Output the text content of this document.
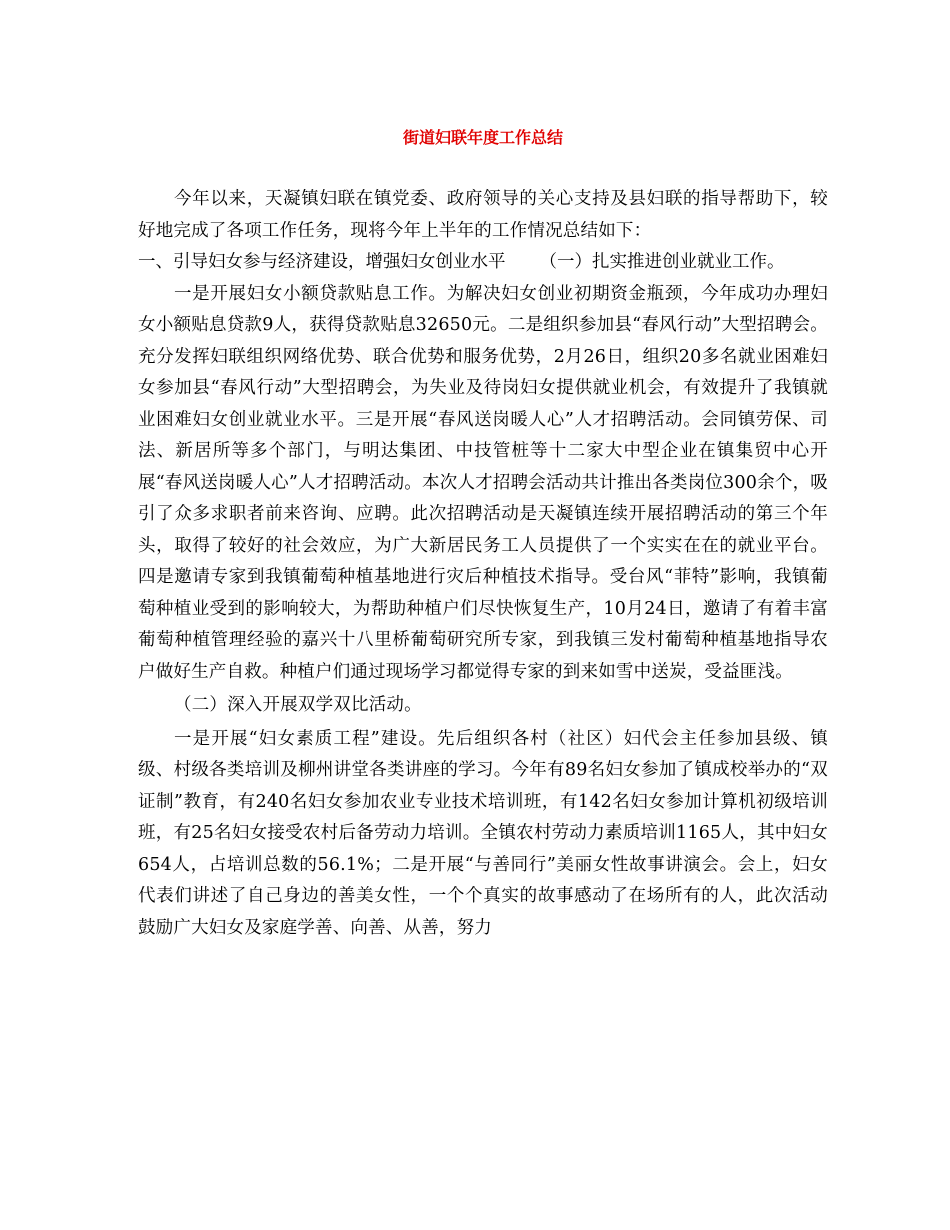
街道妇联年度工作总结

今年以来，天凝镇妇联在镇党委、政府领导的关心支持及县妇联的指导帮助下，较好地完成了各项工作任务，现将今年上半年的工作情况总结如下：

一、引导妇女参与经济建设，增强妇女创业水平 （一）扎实推进创业就业工作。

一是开展妇女小额贷款贴息工作。为解决妇女创业初期资金瓶颈，今年成功办理妇女小额贴息贷款9人，获得贷款贴息32650元。二是组织参加县“春风行动”大型招聘会。充分发挥妇联组织网络优势、联合优势和服务优势，2月26日，组织20多名就业困难妇女参加县“春风行动”大型招聘会，为失业及待岗妇女提供就业机会，有效提升了我镇就业困难妇女创业就业水平。三是开展“春风送岗暖人心”人才招聘活动。会同镇劳保、司法、新居所等多个部门，与明达集团、中技管桩等十二家大中型企业在镇集贸中心开展“春风送岗暖人心”人才招聘活动。本次人才招聘会活动共计推出各类岗位300余个，吸引了众多求职者前来咨询、应聘。此次招聘活动是天凝镇连续开展招聘活动的第三个年头，取得了较好的社会效应，为广大新居民务工人员提供了一个实实在在的就业平台。四是邀请专家到我镇葡萄种植基地进行灾后种植技术指导。受台风“菲特”影响，我镇葡萄种植业受到的影响较大，为帮助种植户们尽快恢复生产，10月24日，邀请了有着丰富葡萄种植管理经验的嘉兴十八里桥葡萄研究所专家，到我镇三发村葡萄种植基地指导农户做好生产自救。种植户们通过现场学习都觉得专家的到来如雪中送炭，受益匪浅。

（二）深入开展双学双比活动。

一是开展“妇女素质工程”建设。先后组织各村（社区）妇代会主任参加县级、镇级、村级各类培训及柳州讲堂各类讲座的学习。今年有89名妇女参加了镇成校举办的“双证制”教育，有240名妇女参加农业专业技术培训班，有142名妇女参加计算机初级培训班，有25名妇女接受农村后备劳动力培训。全镇农村劳动力素质培训1165人，其中妇女654人，占培训总数的56.1%；二是开展“与善同行”美丽女性故事讲演会。会上，妇女代表们讲述了自己身边的善美女性，一个个真实的故事感动了在场所有的人，此次活动鼓励广大妇女及家庭学善、向善、从善，努力
